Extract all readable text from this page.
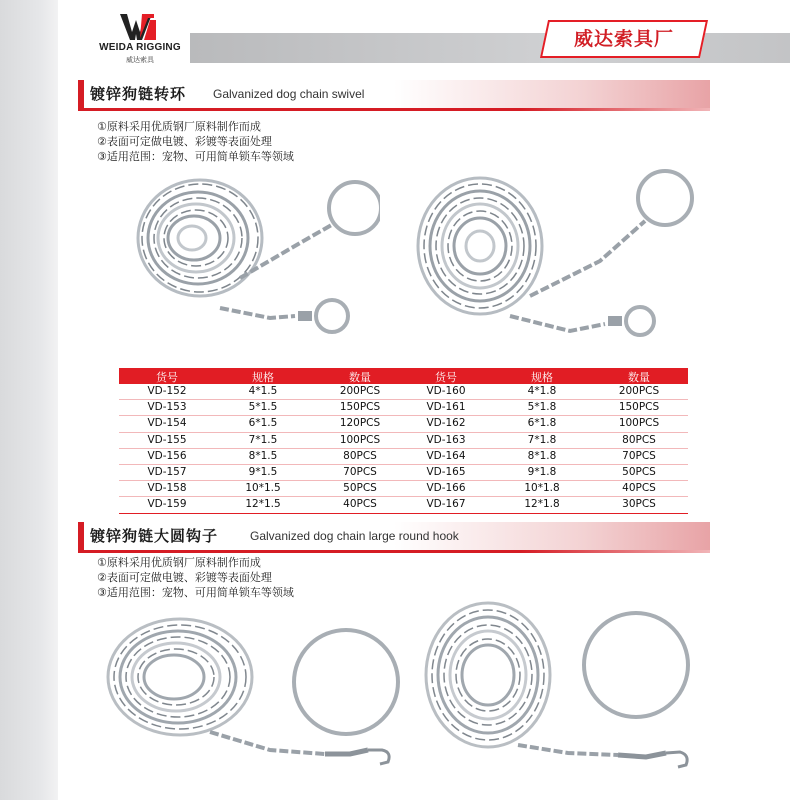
WEIDA RIGGING
威达索具
威达索具厂
镀锌狗链转环 Galvanized dog chain swivel
①原料采用优质钢厂原料制作而成
②表面可定做电镀、彩镀等表面处理
③适用范围：宠物、可用简单锁车等领域
货号	规格	数量
VD-152	4*1.5	200PCS
VD-153	5*1.5	150PCS
VD-154	6*1.5	120PCS
VD-155	7*1.5	100PCS
VD-156	8*1.5	80PCS
VD-157	9*1.5	70PCS
VD-158	10*1.5	50PCS
VD-159	12*1.5	40PCS
货号	规格	数量
VD-160	4*1.8	200PCS
VD-161	5*1.8	150PCS
VD-162	6*1.8	100PCS
VD-163	7*1.8	80PCS
VD-164	8*1.8	70PCS
VD-165	9*1.8	50PCS
VD-166	10*1.8	40PCS
VD-167	12*1.8	30PCS
镀锌狗链大圆钩子	Galvanized dog chain large round hook
①原料采用优质钢厂原料制作而成
②表面可定做电镀、彩镀等表面处理
③适用范围：宠物、可用简单锁车等领域
